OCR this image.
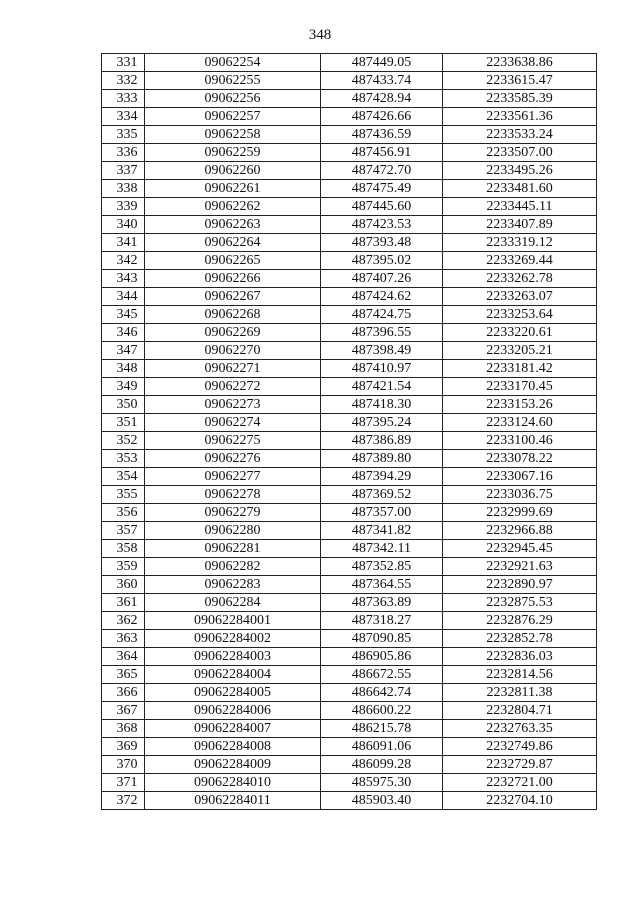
348
331	09062254	487449.05	2233638.86
332	09062255	487433.74	2233615.47
333	09062256	487428.94	2233585.39
334	09062257	487426.66	2233561.36
335	09062258	487436.59	2233533.24
336	09062259	487456.91	2233507.00
337	09062260	487472.70	2233495.26
338	09062261	487475.49	2233481.60
339	09062262	487445.60	2233445.11
340	09062263	487423.53	2233407.89
341	09062264	487393.48	2233319.12
342	09062265	487395.02	2233269.44
343	09062266	487407.26	2233262.78
344	09062267	487424.62	2233263.07
345	09062268	487424.75	2233253.64
346	09062269	487396.55	2233220.61
347	09062270	487398.49	2233205.21
348	09062271	487410.97	2233181.42
349	09062272	487421.54	2233170.45
350	09062273	487418.30	2233153.26
351	09062274	487395.24	2233124.60
352	09062275	487386.89	2233100.46
353	09062276	487389.80	2233078.22
354	09062277	487394.29	2233067.16
355	09062278	487369.52	2233036.75
356	09062279	487357.00	2232999.69
357	09062280	487341.82	2232966.88
358	09062281	487342.11	2232945.45
359	09062282	487352.85	2232921.63
360	09062283	487364.55	2232890.97
361	09062284	487363.89	2232875.53
362	09062284001	487318.27	2232876.29
363	09062284002	487090.85	2232852.78
364	09062284003	486905.86	2232836.03
365	09062284004	486672.55	2232814.56
366	09062284005	486642.74	2232811.38
367	09062284006	486600.22	2232804.71
368	09062284007	486215.78	2232763.35
369	09062284008	486091.06	2232749.86
370	09062284009	486099.28	2232729.87
371	09062284010	485975.30	2232721.00
372	09062284011	485903.40	2232704.10
